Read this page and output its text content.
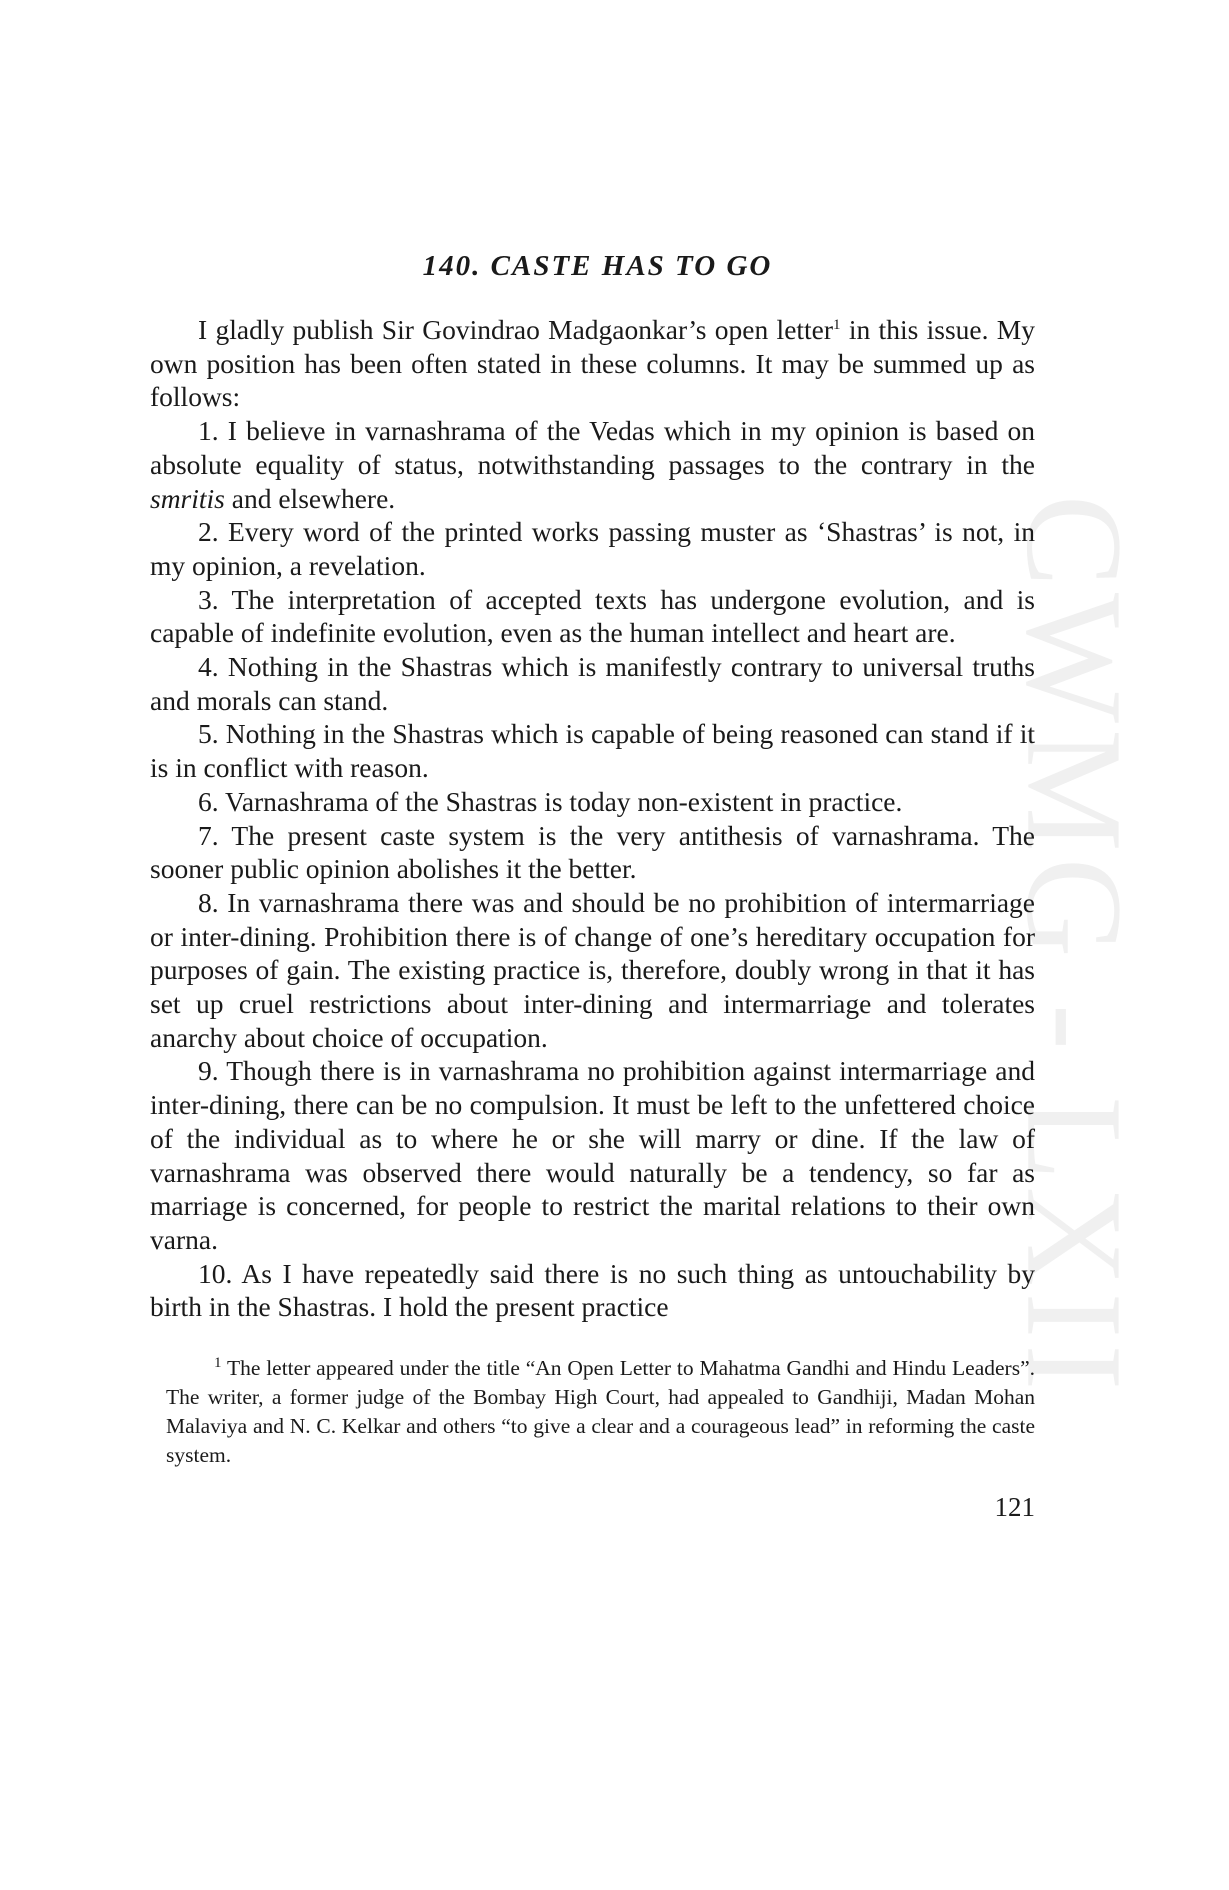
CWMG - LXII
140. CASTE HAS TO GO

I gladly publish Sir Govindrao Madgaonkar’s open letter$^1$ in this issue. My own position has been often stated in these columns. It may be summed up as follows:

1. I believe in varnashrama of the Vedas which in my opinion is based on absolute equality of status, notwithstanding passages to the contrary in the smritis and elsewhere.

2. Every word of the printed works passing muster as ‘Shastras’ is not, in my opinion, a revelation.

3. The interpretation of accepted texts has undergone evolution, and is capable of indefinite evolution, even as the human intellect and heart are.

4. Nothing in the Shastras which is manifestly contrary to universal truths and morals can stand.

5. Nothing in the Shastras which is capable of being reasoned can stand if it is in conflict with reason.

6. Varnashrama of the Shastras is today non-existent in practice.

7. The present caste system is the very antithesis of varnashrama. The sooner public opinion abolishes it the better.

8. In varnashrama there was and should be no prohibition of intermarriage or inter-dining. Prohibition there is of change of one’s hereditary occupation for purposes of gain. The existing practice is, therefore, doubly wrong in that it has set up cruel restrictions about inter-dining and intermarriage and tolerates anarchy about choice of occupation.

9. Though there is in varnashrama no prohibition against intermarriage and inter-dining, there can be no compulsion. It must be left to the unfettered choice of the individual as to where he or she will marry or dine. If the law of varnashrama was observed there would naturally be a tendency, so far as marriage is concerned, for people to restrict the marital relations to their own varna.

10. As I have repeatedly said there is no such thing as untouchability by birth in the Shastras. I hold the present practice

$^1$ The letter appeared under the title “An Open Letter to Mahatma Gandhi and Hindu Leaders”. The writer, a former judge of the Bombay High Court, had appealed to Gandhiji, Madan Mohan Malaviya and N. C. Kelkar and others “to give a clear and a courageous lead” in reforming the caste system.
121
